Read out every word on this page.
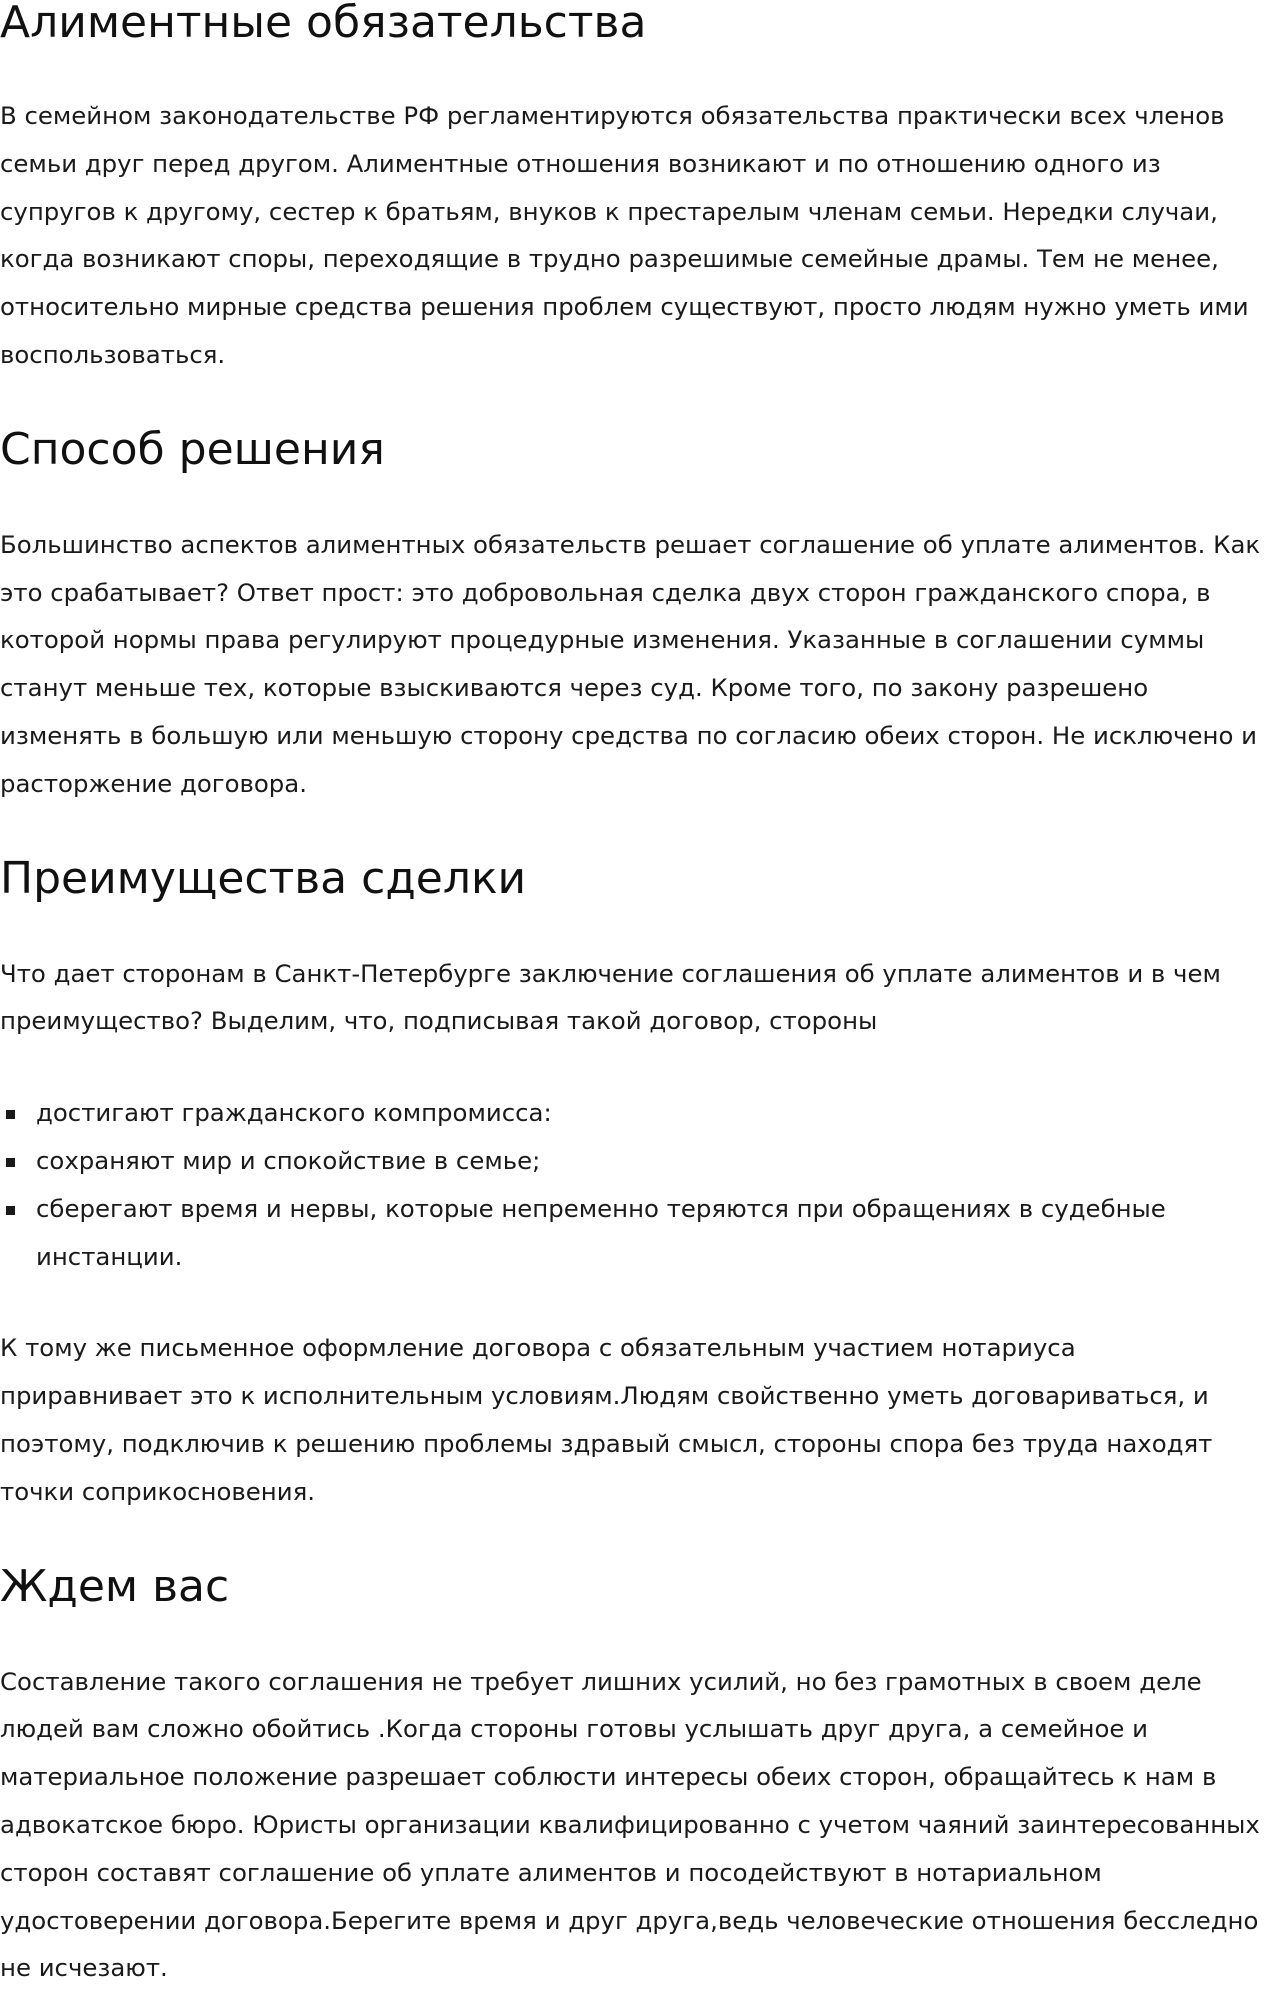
Алиментные обязательства

В семейном законодательстве РФ регламентируются обязательства практически всех членов семьи друг перед другом. Алиментные отношения возникают и по отношению одного из супругов к другому, сестер к братьям, внуков к престарелым членам семьи. Нередки случаи, когда возникают споры, переходящие в трудно разрешимые семейные драмы. Тем не менее, относительно мирные средства решения проблем существуют, просто людям нужно уметь ими воспользоваться.

Способ решения

Большинство аспектов алиментных обязательств решает соглашение об уплате алиментов. Как это срабатывает? Ответ прост: это добровольная сделка двух сторон гражданского спора, в которой нормы права регулируют процедурные изменения. Указанные в соглашении суммы станут меньше тех, которые взыскиваются через суд. Кроме того, по закону разрешено изменять в большую или меньшую сторону средства по согласию обеих сторон. Не исключено и расторжение договора.

Преимущества сделки

Что дает сторонам в Санкт-Петербурге заключение соглашения об уплате алиментов и в чем преимущество? Выделим, что, подписывая такой договор, стороны

достигают гражданского компромисса:
сохраняют мир и спокойствие в семье;
сберегают время и нервы, которые непременно теряются при обращениях в судебные инстанции.

К тому же письменное оформление договора с обязательным участием нотариуса приравнивает это к исполнительным условиям.Людям свойственно уметь договариваться, и поэтому, подключив к решению проблемы здравый смысл, стороны спора без труда находят точки соприкосновения.

Ждем вас

Составление такого соглашения не требует лишних усилий, но без грамотных в своем деле людей вам сложно обойтись .Когда стороны готовы услышать друг друга, а семейное и материальное положение разрешает соблюсти интересы обеих сторон, обращайтесь к нам в адвокатское бюро. Юристы организации квалифицированно с учетом чаяний заинтересованных сторон составят соглашение об уплате алиментов и посодействуют в нотариальном удостоверении договора.Берегите время и друг друга,ведь человеческие отношения бесследно не исчезают.
